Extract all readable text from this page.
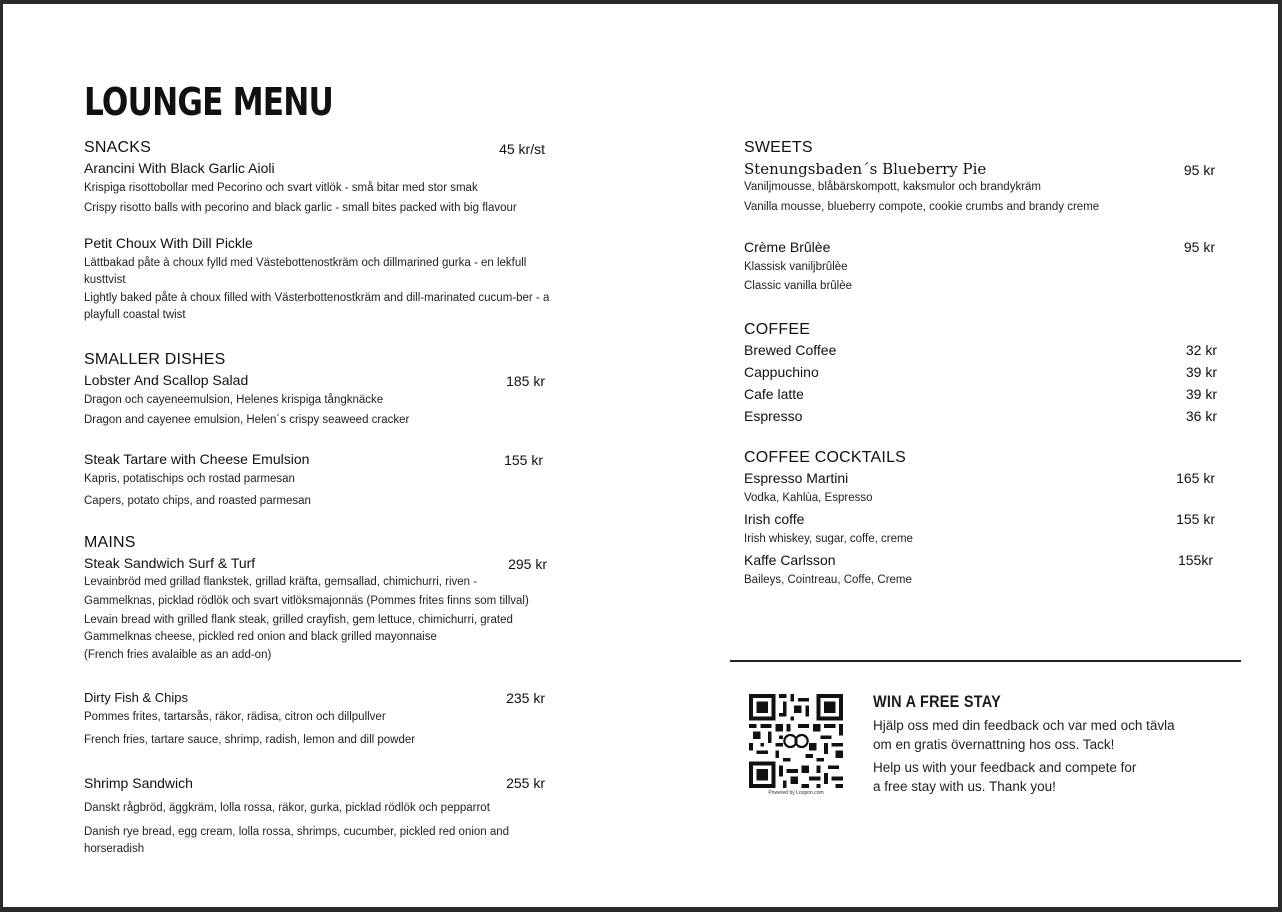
LOUNGE MENU
SNACKS	45 kr/st
Arancini With Black Garlic Aioli
Krispiga risottobollar med Pecorino och svart vitlök - små bitar med stor smak
Crispy risotto balls with pecorino and black garlic - small bites packed with big flavour
Petit Choux With Dill Pickle
Lättbakad påte à choux fylld med Västebottenostkräm och dillmarined gurka - en lekfull kusttvist
Lightly baked påte à choux filled with Västerbottenostkräm and dill-marinated cucum-ber - a playfull coastal twist
SMALLER DISHES
Lobster And Scallop Salad	185 kr
Dragon och cayeneemulsion, Helenes krispiga tångknäcke
Dragon and cayenee emulsion, Helen´s crispy seaweed cracker
Steak Tartare with Cheese Emulsion	155 kr
Kapris, potatischips och rostad parmesan
Capers, potato chips, and roasted parmesan
MAINS
Steak Sandwich Surf & Turf	295 kr
Levainbröd med grillad flankstek, grillad kräfta, gemsallad, chimichurri, riven -
Gammelknas, picklad rödlök och svart vitlöksmajonnäs (Pommes frites finns som tillval)
Levain bread with grilled flank steak, grilled crayfish, gem lettuce, chimichurri, grated Gammelknas cheese, pickled red onion and black grilled mayonnaise
(French fries avalaible as an add-on)
Dirty Fish & Chips	235 kr
Pommes frites, tartarsås, räkor, rädisa, citron och dillpullver
French fries, tartare sauce, shrimp, radish, lemon and dill powder
Shrimp Sandwich	255 kr
Danskt rågbröd, äggkräm, lolla rossa, räkor, gurka, picklad rödlök och pepparrot
Danish rye bread, egg cream, lolla rossa, shrimps, cucumber, pickled red onion and horseradish
SWEETS
Stenungsbaden´s Blueberry Pie	95 kr
Vaniljmousse, blåbärskompott, kaksmulor och brandykräm
Vanilla mousse, blueberry compote, cookie crumbs and brandy creme
Crème Brûlèe	95 kr
Klassisk vaniljbrûlèe
Classic vanilla brûlèe
COFFEE
Brewed Coffee	32 kr
Cappuchino	39 kr
Cafe latte	39 kr
Espresso	36 kr
COFFEE COCKTAILS
Espresso Martini	165 kr
Vodka, Kahlùa, Espresso
Irish coffe	155 kr
Irish whiskey, sugar, coffe, creme
Kaffe Carlsson	155kr
Baileys, Cointreau, Coffe, Creme
Powered by Loopon.com
WIN A FREE STAY
Hjälp oss med din feedback och var med och tävla
om en gratis övernattning hos oss. Tack!
Help us with your feedback and compete for
a free stay with us. Thank you!
